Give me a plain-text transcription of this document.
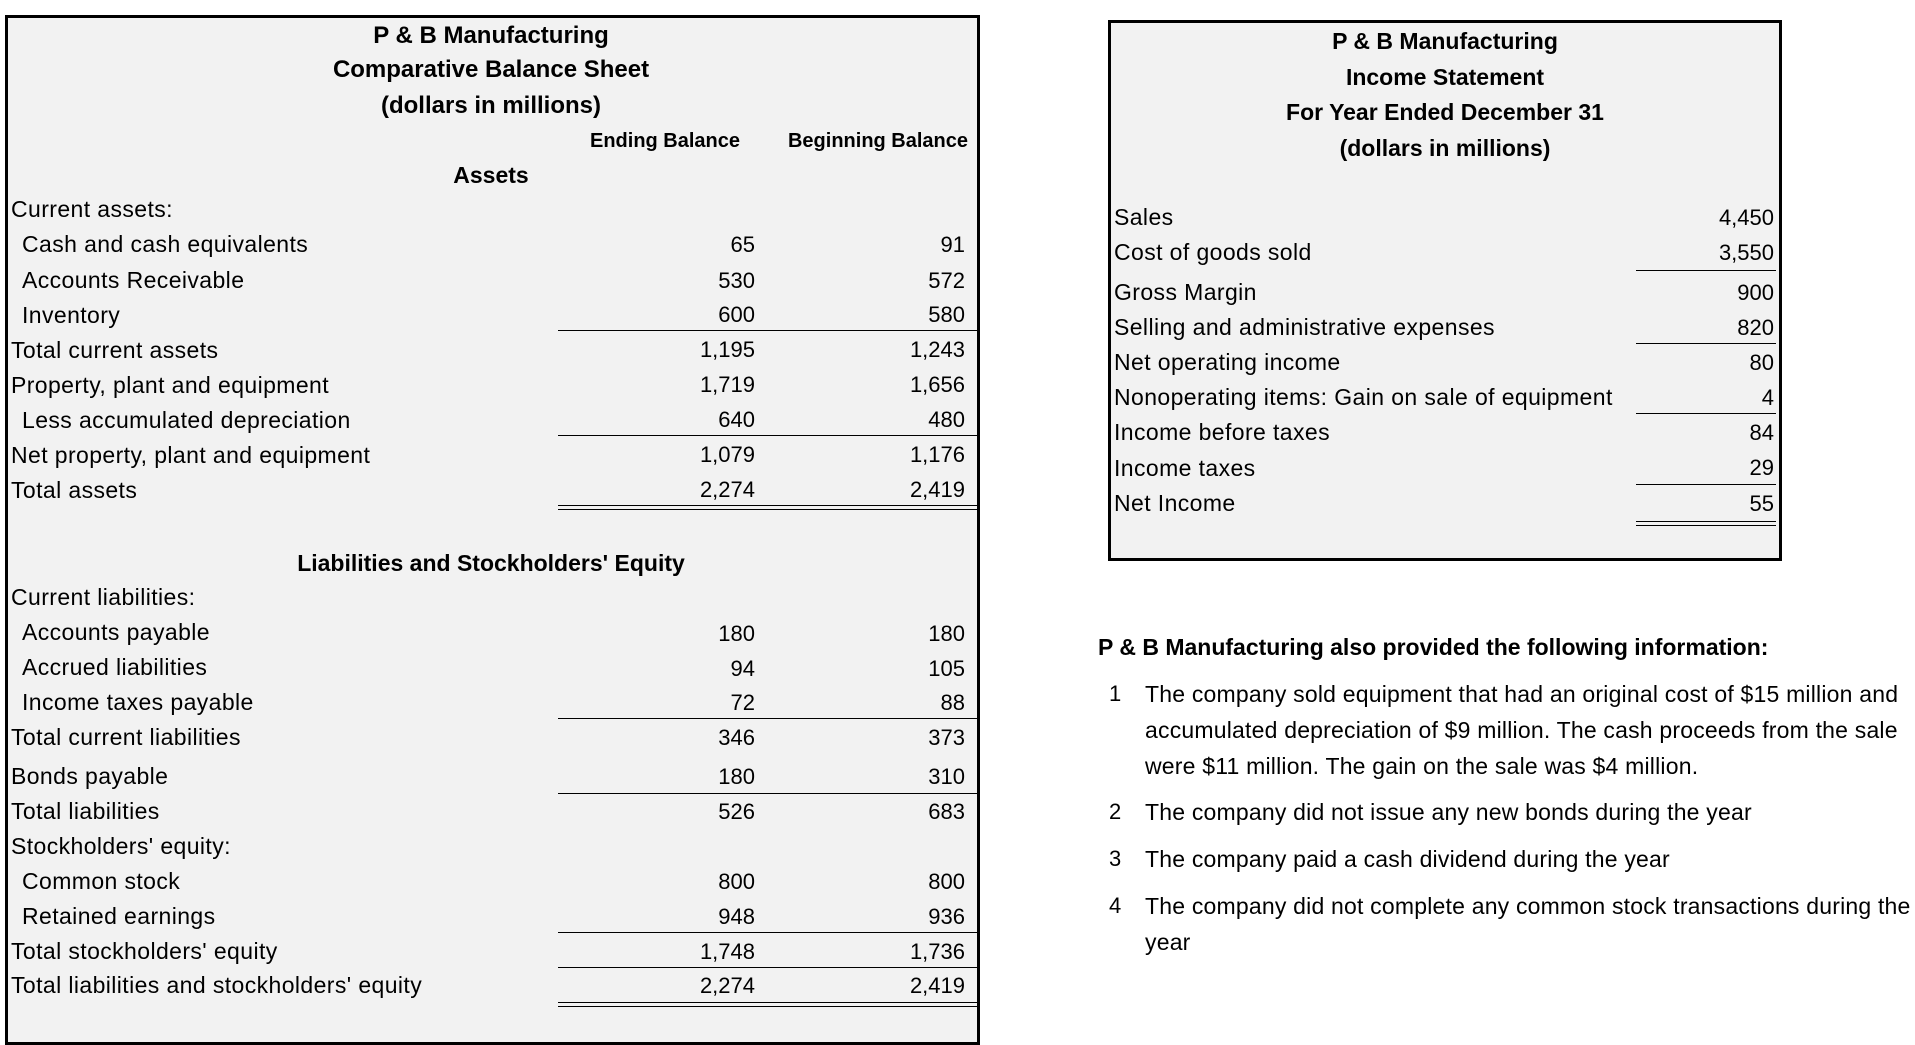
P & B Manufacturing
Comparative Balance Sheet
(dollars in millions)
Ending Balance	Beginning Balance
Assets
Liabilities and Stockholders' Equity
Current assets:
Cash and cash equivalents	65	91
Accounts Receivable	530	572
Inventory	600	580
Total current assets	1,195	1,243
Property, plant and equipment	1,719	1,656
Less accumulated depreciation	640	480
Net property, plant and equipment	1,079	1,176
Total assets	2,274	2,419
Current liabilities:
Accounts payable	180	180
Accrued liabilities	94	105
Income taxes payable	72	88
Total current liabilities	346	373
Bonds payable	180	310
Total liabilities	526	683
Stockholders' equity:
Common stock	800	800
Retained earnings	948	936
Total stockholders' equity	1,748	1,736
Total liabilities and stockholders' equity	2,274	2,419
P & B Manufacturing
Income Statement
For Year Ended December 31
(dollars in millions)
Sales	4,450
Cost of goods sold	3,550
Gross Margin	900
Selling and administrative expenses	820
Net operating income	80
Nonoperating items: Gain on sale of equipment	4
Income before taxes	84
Income taxes	29
Net Income	55
P & B Manufacturing also provided the following information:
1 The company sold equipment that had an original cost of $15 million and accumulated depreciation of $9 million. The cash proceeds from the sale were $11 million. The gain on the sale was $4 million.
2 The company did not issue any new bonds during the year
3 The company paid a cash dividend during the year
4 The company did not complete any common stock transactions during the year
